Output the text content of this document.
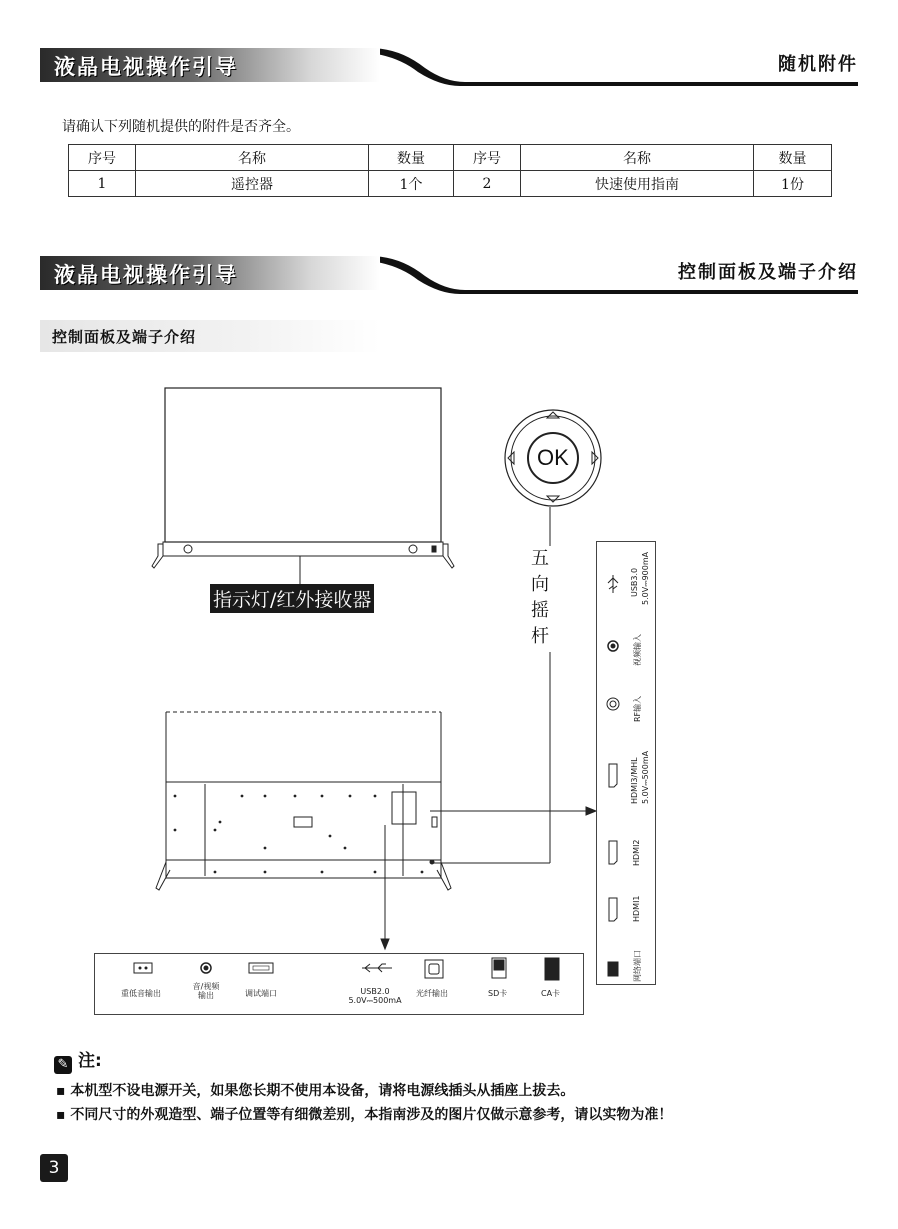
液晶电视操作引导	随机附件
请确认下列随机提供的附件是否齐全。
序号	名称	数量	序号	名称	数量
1	遥控器	1个	2	快速使用指南	1份
液晶电视操作引导	控制面板及端子介绍
控制面板及端子介绍
OK
指示灯/红外接收器
五
向
摇
杆
USB3.0 5.0V⎓900mA
视频输入
RF输入
HDMI3/MHL 5.0V⎓500mA
HDMI2
HDMI1
网络端口
重低音输出
音/视频
输出	调试端口	USB2.0
5.0V⎓500mA
光纤输出	SD卡	CA卡
✎ 注:
▪ 本机型不设电源开关，如果您长期不使用本设备，请将电源线插头从插座上拔去。
▪ 不同尺寸的外观造型、端子位置等有细微差别，本指南涉及的图片仅做示意参考，请以实物为准！
3
